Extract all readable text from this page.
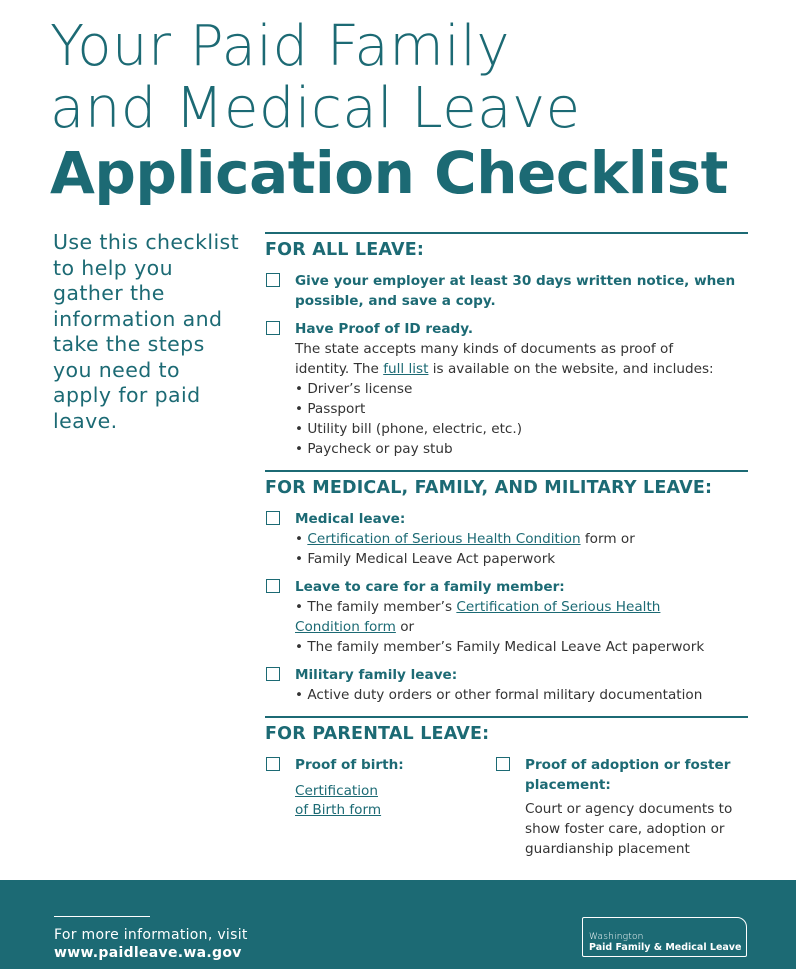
Your Paid Family
and Medical Leave
Application Checklist
Use this checklist to help you gather the information and take the steps you need to apply for paid leave.
FOR ALL LEAVE:
Give your employer at least 30 days written notice, when
possible, and save a copy.
Have Proof of ID ready.
The state accepts many kinds of documents as proof of
identity. The full list is available on the website, and includes:
• Driver’s license
• Passport
• Utility bill (phone, electric, etc.)
• Paycheck or pay stub
FOR MEDICAL, FAMILY, AND MILITARY LEAVE:
Medical leave:
• Certification of Serious Health Condition form or
• Family Medical Leave Act paperwork
Leave to care for a family member:
• The family member’s Certification of Serious Health
Condition form or
• The family member’s Family Medical Leave Act paperwork
Military family leave:
• Active duty orders or other formal military documentation
FOR PARENTAL LEAVE:
Proof of birth:
Certification
of Birth form
Proof of adoption or foster
placement:
Court or agency documents to
show foster care, adoption or
guardianship placement
For more information, visit
www.paidleave.wa.gov
Washington
Paid Family & Medical Leave
